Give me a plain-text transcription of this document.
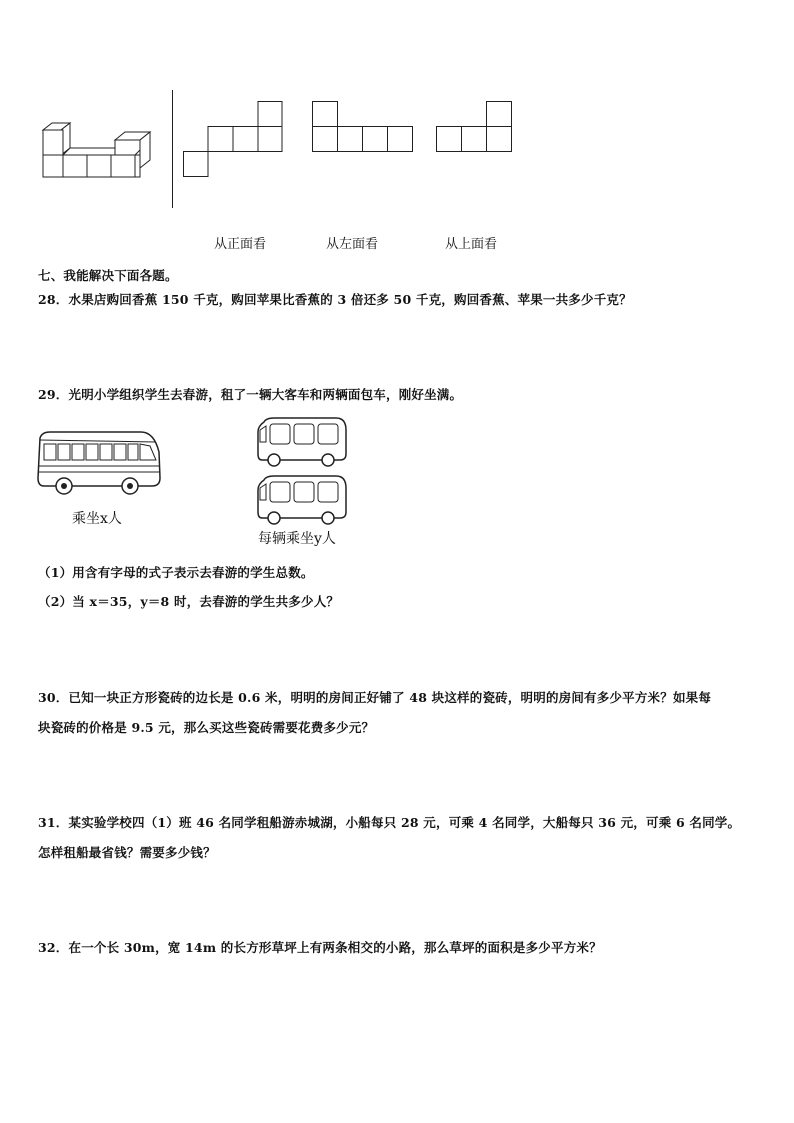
从正面看	从左面看	从上面看
七、我能解决下面各题。
28．水果店购回香蕉 150 千克，购回苹果比香蕉的 3 倍还多 50 千克，购回香蕉、苹果一共多少千克？
29．光明小学组织学生去春游，租了一辆大客车和两辆面包车，刚好坐满。
乘坐x人
每辆乘坐y人
（1）用含有字母的式子表示去春游的学生总数。
（2）当 x＝35，y＝8 时，去春游的学生共多少人？
30．已知一块正方形瓷砖的边长是 0.6 米，明明的房间正好铺了 48 块这样的瓷砖，明明的房间有多少平方米？如果每
块瓷砖的价格是 9.5 元，那么买这些瓷砖需要花费多少元？
31．某实验学校四（1）班 46 名同学租船游赤城湖，小船每只 28 元，可乘 4 名同学，大船每只 36 元，可乘 6 名同学。
怎样租船最省钱？需要多少钱？
32．在一个长 30m，宽 14m 的长方形草坪上有两条相交的小路，那么草坪的面积是多少平方米？
